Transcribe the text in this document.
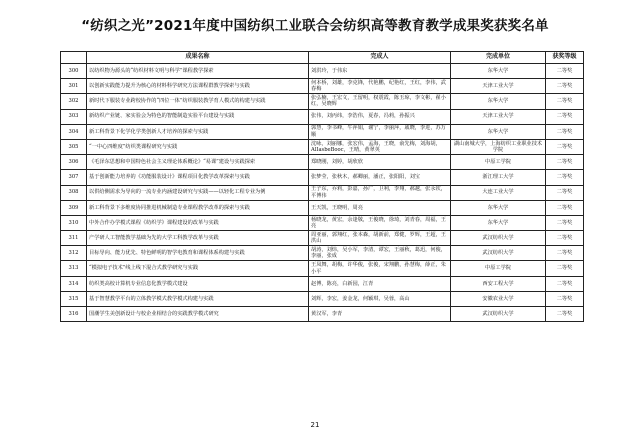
“纺织之光”2021年度中国纺织工业联合会纺织高等教育教学成果奖获奖名单
	成果名称	完成人	完成单位	获奖等级
300	以纺织物为源头的“纺织材料文明与科学”课程教学探索	刘洪玲，于伟东	东华大学	二等奖
301	以创新实践能力提升为核心的材料科学研究方法课程群教学探索与实践	何本桥，刘雄，李克锋，代艳鹏，纪艳红，王红，李伟，武春梅	天津工业大学	二等奖
302	新时代下服装专业跨校协作的“四位一体”纺织服装教学育人模式的构建与实践	张弘楠，王宏文，王留明，权震霞，陈玉琼，李文彬，翟小红，吴晓辉	东华大学	二等奖
303	新纺织产业链、家实验会为特色的智能制造实验平台建设与实践	张伟，刘丙纬，李浩伟，夏春，冯莉，孙振兴	天津工业大学	二等奖
304	新工科背景下化学化学类创新人才培养的探索与实践	郭慧，李书峰，牛萍娟，谢宁，李丽萍，戚晓，李进，苏万顺	东华大学	二等奖
305	“一中心四维度”纺织类课程研究与实践	沈咏，刘丽娜，张宏伟，孟海，王晓，俞先梅，刘海胡，AlIasbeBooc，王晴，黄翠英	湖山南城大学，上海纺织工业职业技术学院	二等奖
306	《毛泽东思想和中国特色社会主义理论体系概论》“易课”建设与实践探索	郑晓刚，刘婷，胡欣欣	中原工学院	二等奖
307	基于创新能力培养的《功能服装设计》课程项目化教学改革探索与实践	张梦莹，张秋木，郝卿丽，潘正，张阳阳，刘宝	浙江理工大学	二等奖
308	以供给侧需求为导向的一流专业内涵建设研究与实践——以轻化工程专业为例	王子东，乔莉，彭嘉，孙广，卫利，李翔，郝越，张永钦，平博伟	大连工业大学	二等奖
309	新工科背景下多维度协同推进机械制造专业课程教学改革的探索与实践	王天凯，王晓明，周亮	东华大学	二等奖
310	中外合作办学模式课程《纺织学》课程建设的改革与实践	杨晓龙，黄宏，余逢敬，王俊晓，徐琦，刘青春，周福，王亮	东华大学	二等奖
311	产学研人工智能教学基础为先的大学工科教学改革与实践	周亚丽，郭翔红，张本森，胡新前，郑健，罗辉，王超，王洪山	武汉纺织大学	二等奖
312	目标导向、能力优先、特色鲜明的智学电教育和课程体系构建与实践	胡涛，刘炜，吴小军，李清，谭宏，王丽秋，葛迅，何俊，李丽，张成	武汉纺织大学	二等奖
313	“模拟电子技术”线上线下混合式教学研究与实践	王凤舞，胡梅，许华俊，张俊，宋翔鹏，孙慧梅，薛正，朱小平	中原工学院	二等奖
314	纺织类高校计算机专业信息化教学模式建设	赵博，陈亮，白新园，江青	西安工程大学	二等奖
315	基于智慧教学平台的立体教学模式教学模式构建与实践	刘辉，李宏，姜金龙，何颖琪，吴蓉，高山	安徽农业大学	二等奖
316	国潮学生美创新设计与校企业相结合的实践教学模式研究	黄汉军，李青	武汉纺织大学	二等奖
21
